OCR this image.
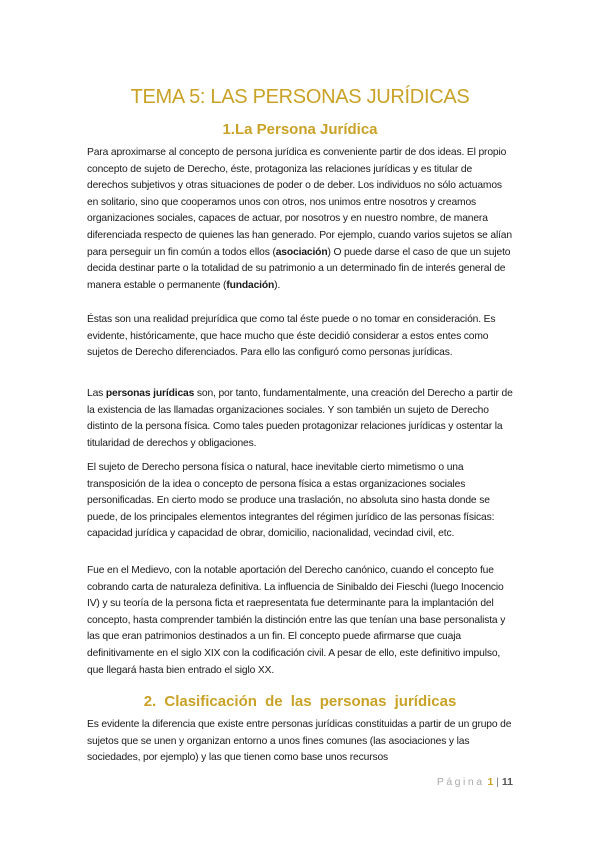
TEMA 5: LAS PERSONAS JURÍDICAS
1.La Persona Jurídica

Para aproximarse al concepto de persona jurídica es conveniente partir de dos ideas. El propio concepto de sujeto de Derecho, éste, protagoniza las relaciones jurídicas y es titular de derechos subjetivos y otras situaciones de poder o de deber. Los individuos no sólo actuamos en solitario, sino que cooperamos unos con otros, nos unimos entre nosotros y creamos organizaciones sociales, capaces de actuar, por nosotros y en nuestro nombre, de manera diferenciada respecto de quienes las han generado. Por ejemplo, cuando varios sujetos se alían para perseguir un fin común a todos ellos (asociación) O puede darse el caso de que un sujeto decida destinar parte o la totalidad de su patrimonio a un determinado fin de interés general de manera estable o permanente (fundación).

Éstas son una realidad prejurídica que como tal éste puede o no tomar en consideración. Es evidente, históricamente, que hace mucho que éste decidió considerar a estos entes como sujetos de Derecho diferenciados. Para ello las configuró como personas jurídicas.

Las personas jurídicas son, por tanto, fundamentalmente, una creación del Derecho a partir de la existencia de las llamadas organizaciones sociales. Y son también un sujeto de Derecho distinto de la persona física. Como tales pueden protagonizar relaciones jurídicas y ostentar la titularidad de derechos y obligaciones.

El sujeto de Derecho persona física o natural, hace inevitable cierto mimetismo o una transposición de la idea o concepto de persona física a estas organizaciones sociales personificadas. En cierto modo se produce una traslación, no absoluta sino hasta donde se puede, de los principales elementos integrantes del régimen jurídico de las personas físicas: capacidad jurídica y capacidad de obrar, domicilio, nacionalidad, vecindad civil, etc.

Fue en el Medievo, con la notable aportación del Derecho canónico, cuando el concepto fue cobrando carta de naturaleza definitiva. La influencia de Sinibaldo dei Fieschi (luego Inocencio IV) y su teoría de la persona ficta et raepresentata fue determinante para la implantación del concepto, hasta comprender también la distinción entre las que tenían una base personalista y las que eran patrimonios destinados a un fin. El concepto puede afirmarse que cuaja definitivamente en el siglo XIX con la codificación civil. A pesar de ello, este definitivo impulso, que llegará hasta bien entrado el siglo XX.

2. Clasificación de las personas jurídicas

Es evidente la diferencia que existe entre personas jurídicas constituidas a partir de un grupo de sujetos que se unen y organizan entorno a unos fines comunes (las asociaciones y las sociedades, por ejemplo) y las que tienen como base unos recursos

Página 1 | 11
